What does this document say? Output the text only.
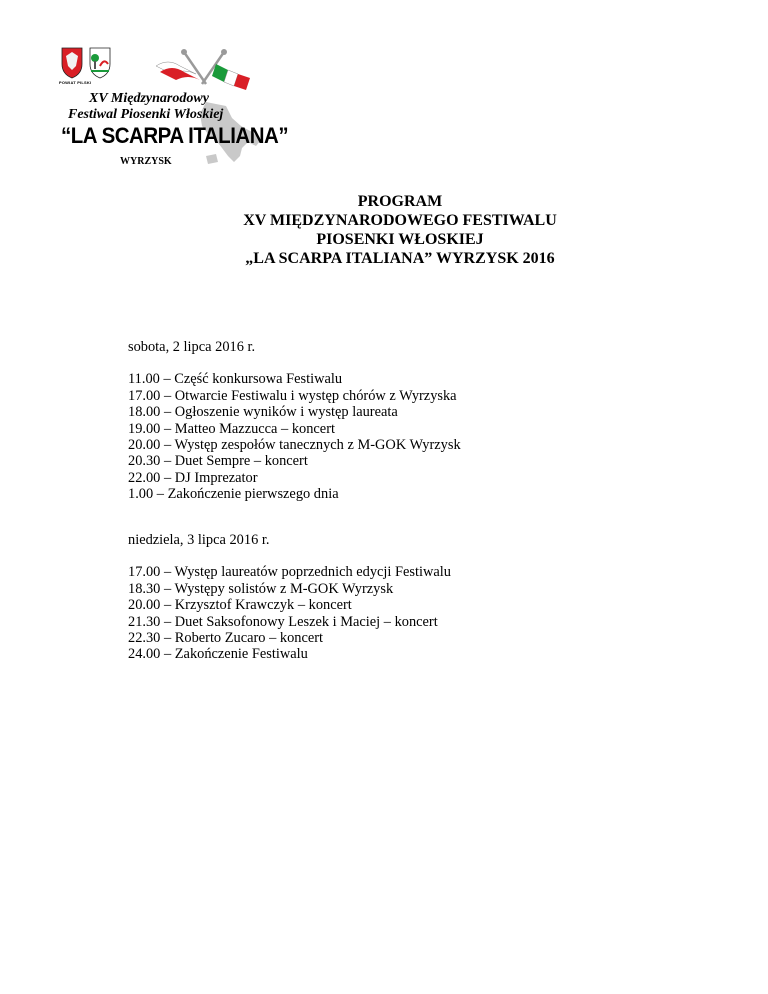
POWIAT PILSKI
XV Międzynarodowy
Festiwal Piosenki Włoskiej
“LA SCARPA ITALIANA”
WYRZYSK
PROGRAM
XV MIĘDZYNARODOWEGO FESTIWALU
PIOSENKI WŁOSKIEJ
„LA SCARPA ITALIANA” WYRZYSK 2016
sobota, 2 lipca 2016 r.
11.00 – Część konkursowa Festiwalu
17.00 – Otwarcie Festiwalu i występ chórów z Wyrzyska
18.00 – Ogłoszenie wyników i występ laureata
19.00 – Matteo Mazzucca – koncert
20.00 – Występ zespołów tanecznych z M-GOK Wyrzysk
20.30 – Duet Sempre – koncert
22.00 – DJ Imprezator
1.00 – Zakończenie pierwszego dnia
niedziela, 3 lipca 2016 r.
17.00 – Występ laureatów poprzednich edycji Festiwalu
18.30 – Występy solistów z M-GOK Wyrzysk
20.00 – Krzysztof Krawczyk – koncert
21.30 – Duet Saksofonowy Leszek i Maciej – koncert
22.30 – Roberto Zucaro – koncert
24.00 – Zakończenie Festiwalu
